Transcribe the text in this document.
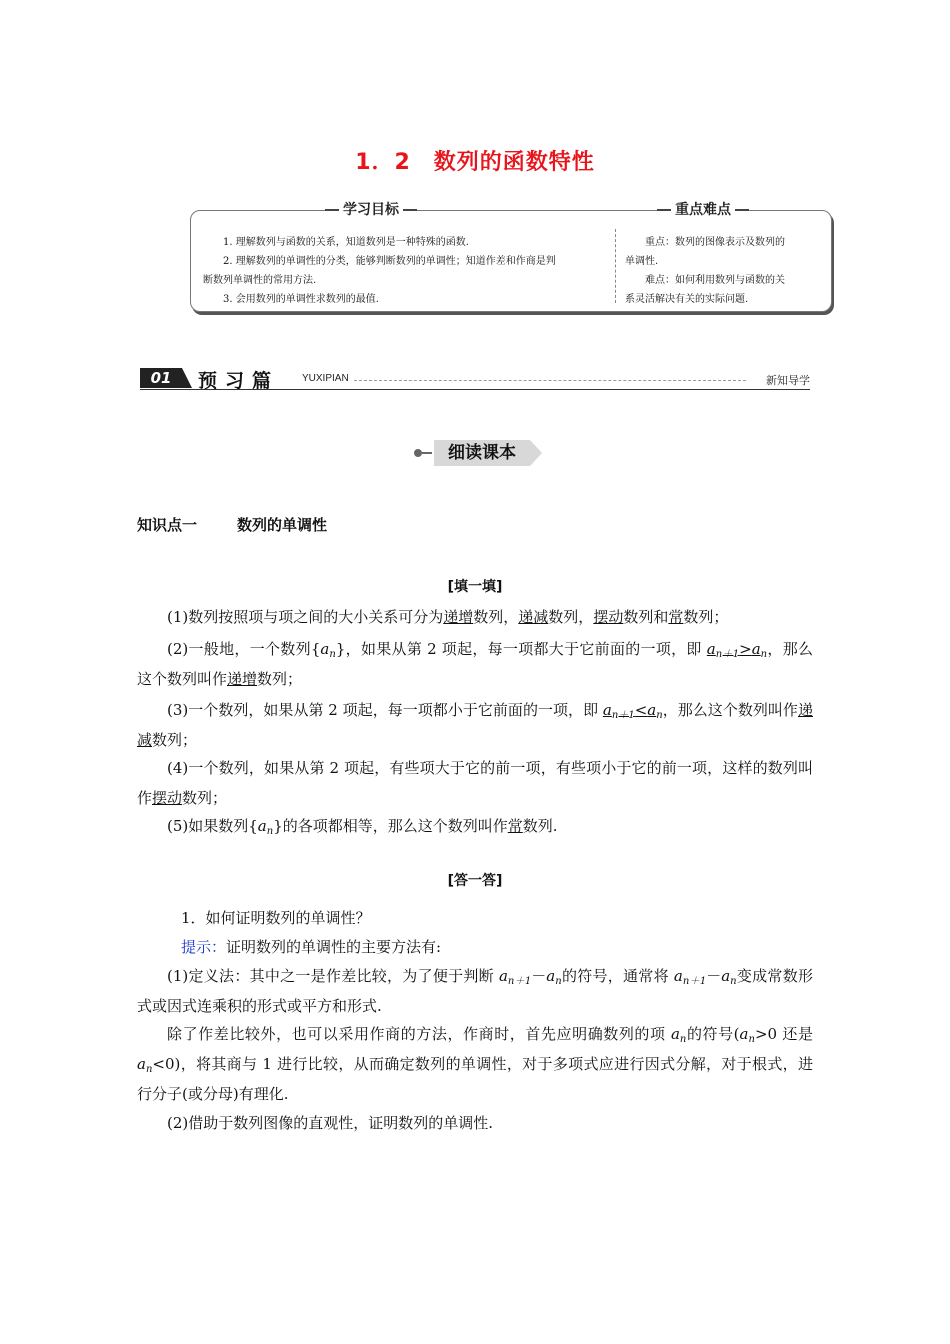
1．2　数列的函数特性
学习目标	重点难点
1. 理解数列与函数的关系，知道数列是一种特殊的函数.
2. 理解数列的单调性的分类，能够判断数列的单调性；知道作差和作商是判
断数列单调性的常用方法.
3. 会用数列的单调性求数列的最值.
重点：数列的图像表示及数列的
单调性.
难点：如何利用数列与函数的关
系灵活解决有关的实际问题.
01	预习篇 YUXIPIAN	新知导学
细读课本
知识点一	数列的单调性
[填一填]
(1)数列按照项与项之间的大小关系可分为递增数列，递减数列，摆动数列和常数列；
(2)一般地，一个数列$\{a_n\}$，如果从第 2 项起，每一项都大于它前面的一项，即 $a_{n+1}>a_n$，那么这个数列叫作递增数列；
(3)一个数列，如果从第 2 项起，每一项都小于它前面的一项，即 $a_{n+1}<a_n$，那么这个数列叫作递减数列；
(4)一个数列，如果从第 2 项起，有些项大于它的前一项，有些项小于它的前一项，这样的数列叫作摆动数列；
(5)如果数列$\{a_n\}$的各项都相等，那么这个数列叫作常数列.
[答一答]
1．如何证明数列的单调性？
提示：证明数列的单调性的主要方法有:
(1)定义法：其中之一是作差比较，为了便于判断 $a_{n+1}-a_n$的符号，通常将 $a_{n+1}-a_n$变成常数形式或因式连乘积的形式或平方和形式.
除了作差比较外，也可以采用作商的方法，作商时，首先应明确数列的项 $a_n$的符号($a_n>0$ 还是 $a_n<0$)，将其商与 1 进行比较，从而确定数列的单调性，对于多项式应进行因式分解，对于根式，进行分子(或分母)有理化.
(2)借助于数列图像的直观性，证明数列的单调性.
